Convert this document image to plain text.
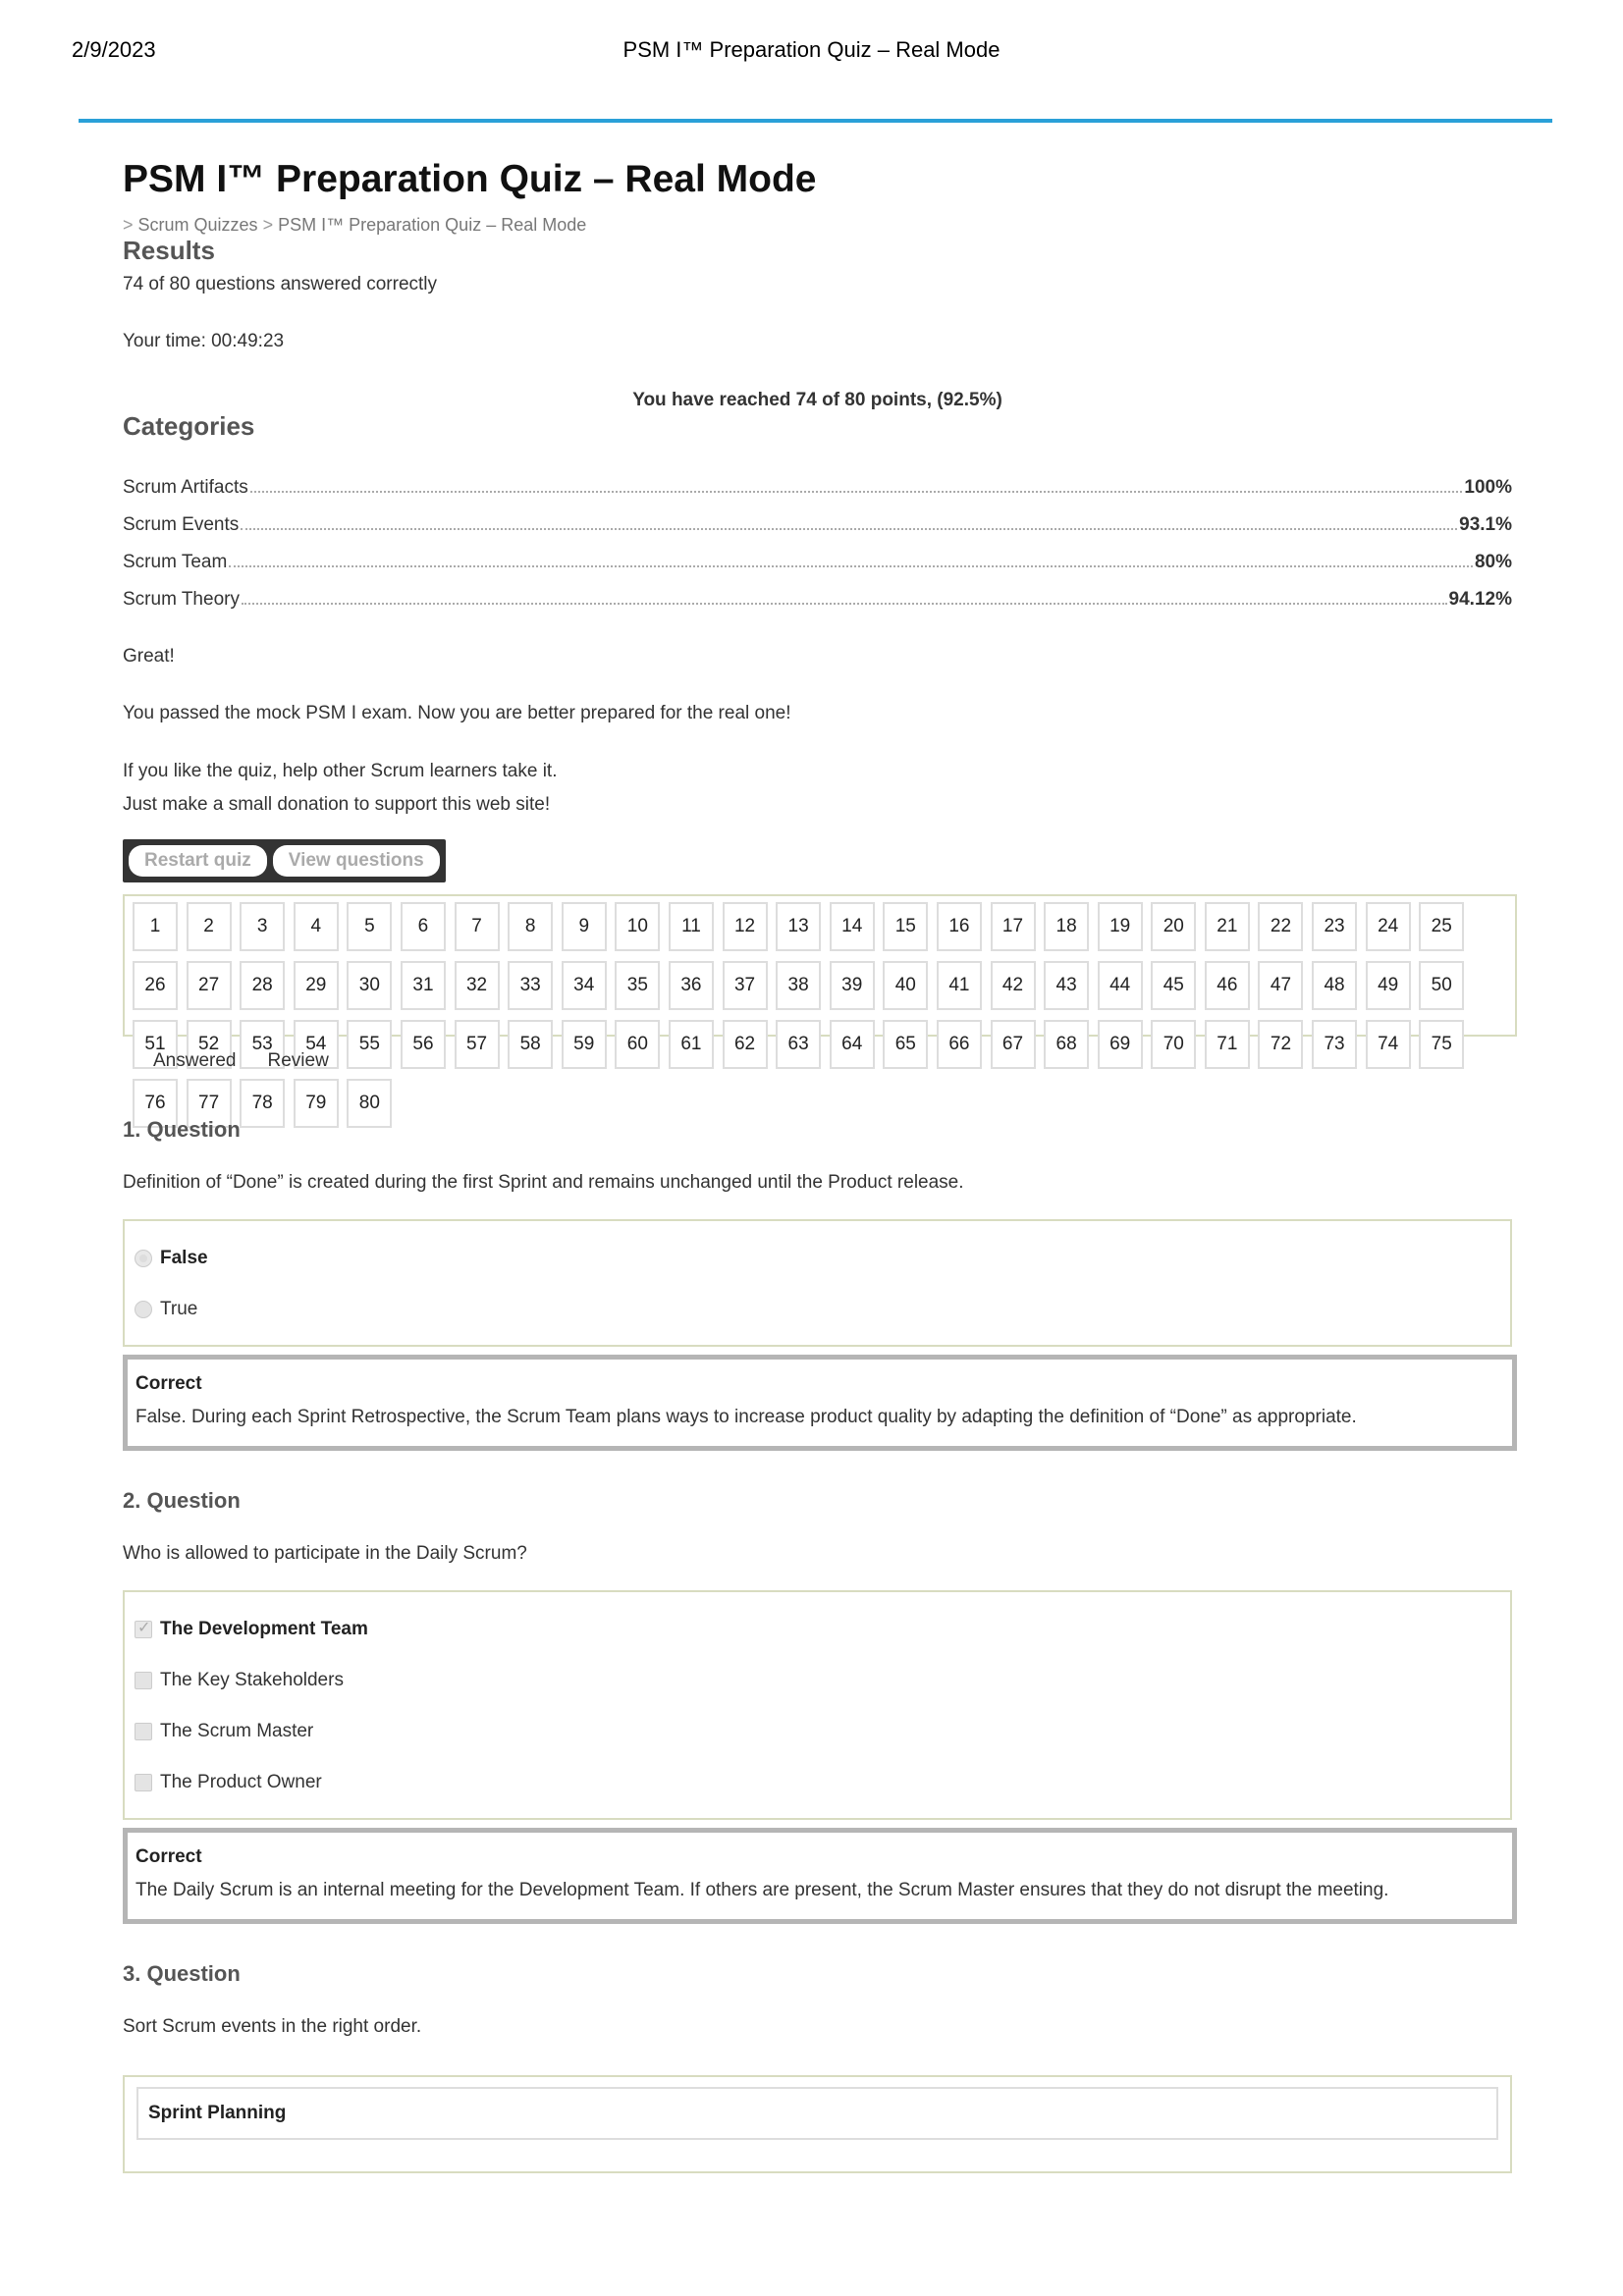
2/9/2023	PSM I™ Preparation Quiz – Real Mode
PSM I™ Preparation Quiz – Real Mode
> Scrum Quizzes > PSM I™ Preparation Quiz – Real Mode
Results
74 of 80 questions answered correctly
Your time: 00:49:23
You have reached 74 of 80 points, (92.5%)
Categories
Scrum Artifacts	100%
Scrum Events	93.1%
Scrum Team	80%
Scrum Theory	94.12%

Great!

You passed the mock PSM I exam. Now you are better prepared for the real one!

If you like the quiz, help other Scrum learners take it.

Just make a small donation to support this web site!

Restart quiz	View questions
1	2	3	4	5	6	7	8	9	10	11	12	13	14	15	16	17	18	19	20	21	22	23	24	25
26	27	28	29	30	31	32	33	34	35	36	37	38	39	40	41	42	43	44	45	46	47	48	49	50
51	52	53	54	55	56	57	58	59	60	61	62	63	64	65	66	67	68	69	70	71	72	73	74	75
76	77	78	79	80
Answered Review
1. Question
Definition of “Done” is created during the first Sprint and remains unchanged until the Product release.
False
True
Correct
False. During each Sprint Retrospective, the Scrum Team plans ways to increase product quality by adapting the definition of “Done” as appropriate.
2. Question
Who is allowed to participate in the Daily Scrum?
✓
The Development Team
The Key Stakeholders
The Scrum Master
The Product Owner
Correct
The Daily Scrum is an internal meeting for the Development Team. If others are present, the Scrum Master ensures that they do not disrupt the meeting.
3. Question
Sort Scrum events in the right order.
Sprint Planning
